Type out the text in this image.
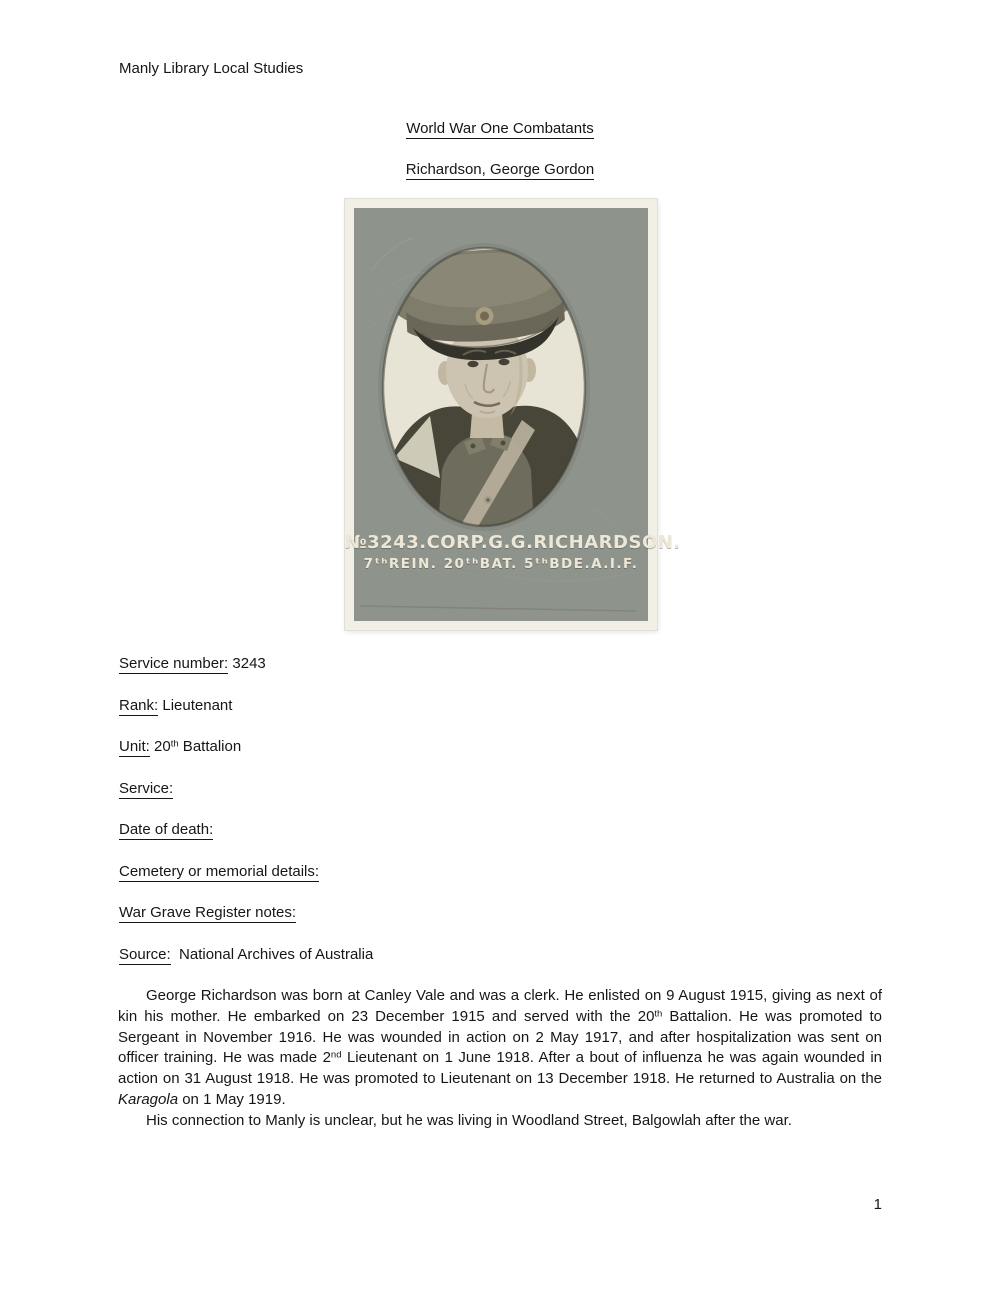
Manly Library Local Studies
World War One Combatants
Richardson, George Gordon
№3243.CORP.G.G.RICHARDSON.
7ᵗʰREIN. 20ᵗʰBAT. 5ᵗʰBDE.A.I.F.
Service number: 3243
Rank: Lieutenant
Unit: 20th Battalion
Service:
Date of death:
Cemetery or memorial details:
War Grave Register notes:
Source:  National Archives of Australia

George Richardson was born at Canley Vale and was a clerk. He enlisted on 9 August 1915, giving as next of kin his mother. He embarked on 23 December 1915 and served with the 20th Battalion. He was promoted to Sergeant in November 1916. He was wounded in action on 2 May 1917, and after hospitalization was sent on officer training. He was made 2nd Lieutenant on 1 June 1918. After a bout of influenza he was again wounded in action on 31 August 1918. He was promoted to Lieutenant on 13 December 1918. He returned to Australia on the Karagola on 1 May 1919.

His connection to Manly is unclear, but he was living in Woodland Street, Balgowlah after the war.

1
